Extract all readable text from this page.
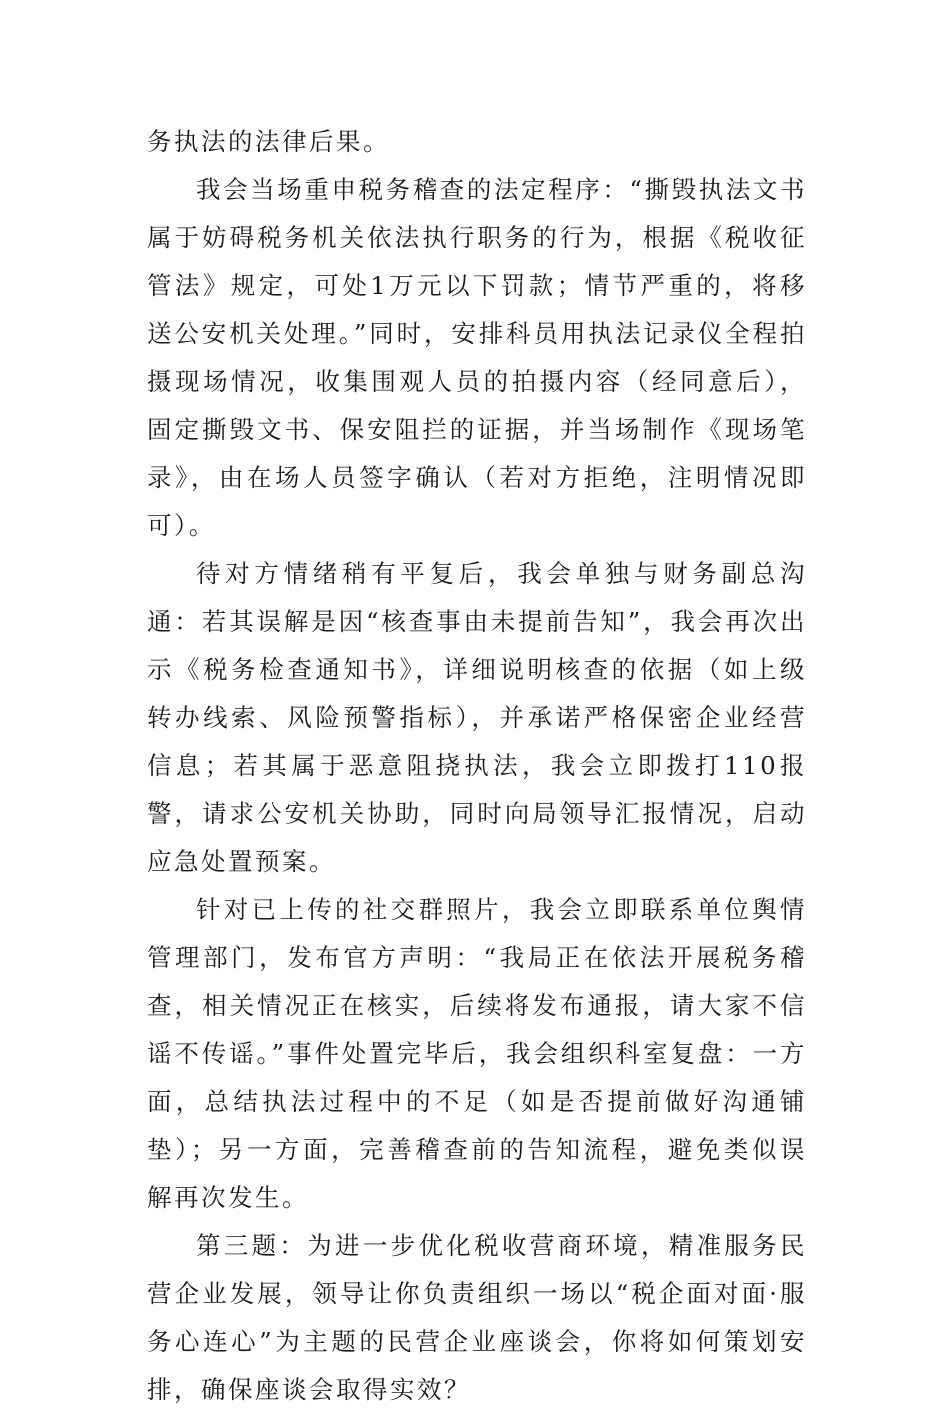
务执法的法律后果。

我会当场重申税务稽查的法定程序：“撕毁执法文书属于妨碍税务机关依法执行职务的行为，根据《税收征管法》规定，可处1万元以下罚款；情节严重的，将移送公安机关处理。”同时，安排科员用执法记录仪全程拍摄现场情况，收集围观人员的拍摄内容（经同意后），固定撕毁文书、保安阻拦的证据，并当场制作《现场笔录》，由在场人员签字确认（若对方拒绝，注明情况即可）。

待对方情绪稍有平复后，我会单独与财务副总沟通：若其误解是因“核查事由未提前告知”，我会再次出示《税务检查通知书》，详细说明核查的依据（如上级转办线索、风险预警指标），并承诺严格保密企业经营信息；若其属于恶意阻挠执法，我会立即拨打110报警，请求公安机关协助，同时向局领导汇报情况，启动应急处置预案。

针对已上传的社交群照片，我会立即联系单位舆情管理部门，发布官方声明：“我局正在依法开展税务稽查，相关情况正在核实，后续将发布通报，请大家不信谣不传谣。”事件处置完毕后，我会组织科室复盘：一方面，总结执法过程中的不足（如是否提前做好沟通铺垫）；另一方面，完善稽查前的告知流程，避免类似误解再次发生。

第三题：为进一步优化税收营商环境，精准服务民营企业发展，领导让你负责组织一场以“税企面对面·服务心连心”为主题的民营企业座谈会，你将如何策划安排，确保座谈会取得实效？
